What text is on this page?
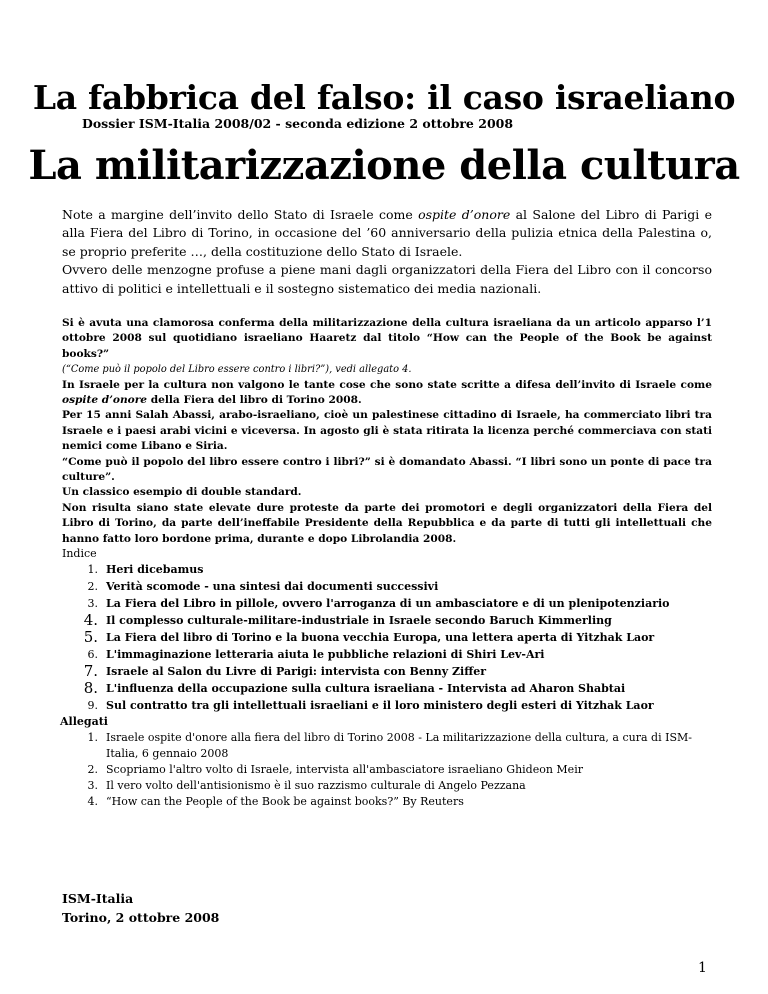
La fabbrica del falso: il caso israeliano
Dossier ISM-Italia 2008/02 - seconda edizione 2 ottobre 2008
La militarizzazione della cultura

Note a margine dell’invito dello Stato di Israele come ospite d’onore al Salone del Libro di Parigi e alla Fiera del Libro di Torino, in occasione del ’60 anniversario della pulizia etnica della Palestina o, se proprio preferite …, della costituzione dello Stato di Israele.

Ovvero delle menzogne profuse a piene mani dagli organizzatori della Fiera del Libro con il concorso attivo di politici e intellettuali e il sostegno sistematico dei media nazionali.

Si è avuta una clamorosa conferma della militarizzazione della cultura israeliana da un articolo apparso l’1 ottobre 2008 sul quotidiano israeliano Haaretz dal titolo “How can the People of the Book be against books?”
(“Come può il popolo del Libro essere contro i libri?”), vedi allegato 4.

In Israele per la cultura non valgono le tante cose che sono state scritte a difesa dell’invito di Israele come ospite d’onore della Fiera del libro di Torino 2008.

Per 15 anni Salah Abassi, arabo-israeliano, cioè un palestinese cittadino di Israele, ha commerciato libri tra Israele e i paesi arabi vicini e viceversa. In agosto gli è stata ritirata la licenza perché commerciava con stati nemici come Libano e Siria.

“Come può il popolo del libro essere contro i libri?” si è domandato Abassi. “I libri sono un ponte di pace tra culture”.

Un classico esempio di double standard.

Non risulta siano state elevate dure proteste da parte dei promotori e degli organizzatori della Fiera del Libro di Torino, da parte dell’ineffabile Presidente della Repubblica e da parte di tutti gli intellettuali che hanno fatto loro bordone prima, durante e dopo Librolandia 2008.

Indice
1. Heri dicebamus
2. Verità scomode - una sintesi dai documenti successivi
3. La Fiera del Libro in pillole, ovvero l'arroganza di un ambasciatore e di un plenipotenziario
4. Il complesso culturale-militare-industriale in Israele secondo Baruch Kimmerling
5. La Fiera del libro di Torino e la buona vecchia Europa, una lettera aperta di Yitzhak Laor
6. L'immaginazione letteraria aiuta le pubbliche relazioni di Shiri Lev-Ari
7. Israele al Salon du Livre di Parigi: intervista con Benny Ziffer
8. L'influenza della occupazione sulla cultura israeliana - Intervista ad Aharon Shabtai
9. Sul contratto tra gli intellettuali israeliani e il loro ministero degli esteri di Yitzhak Laor
Allegati
1. Israele ospite d'onore alla fiera del libro di Torino 2008 - La militarizzazione della cultura, a cura di ISM-Italia, 6 gennaio 2008
2. Scopriamo l'altro volto di Israele, intervista all'ambasciatore israeliano Ghideon Meir
3. Il vero volto dell'antisionismo è il suo razzismo culturale di Angelo Pezzana
4. “How can the People of the Book be against books?” By Reuters
ISM-Italia
Torino, 2 ottobre 2008
1
